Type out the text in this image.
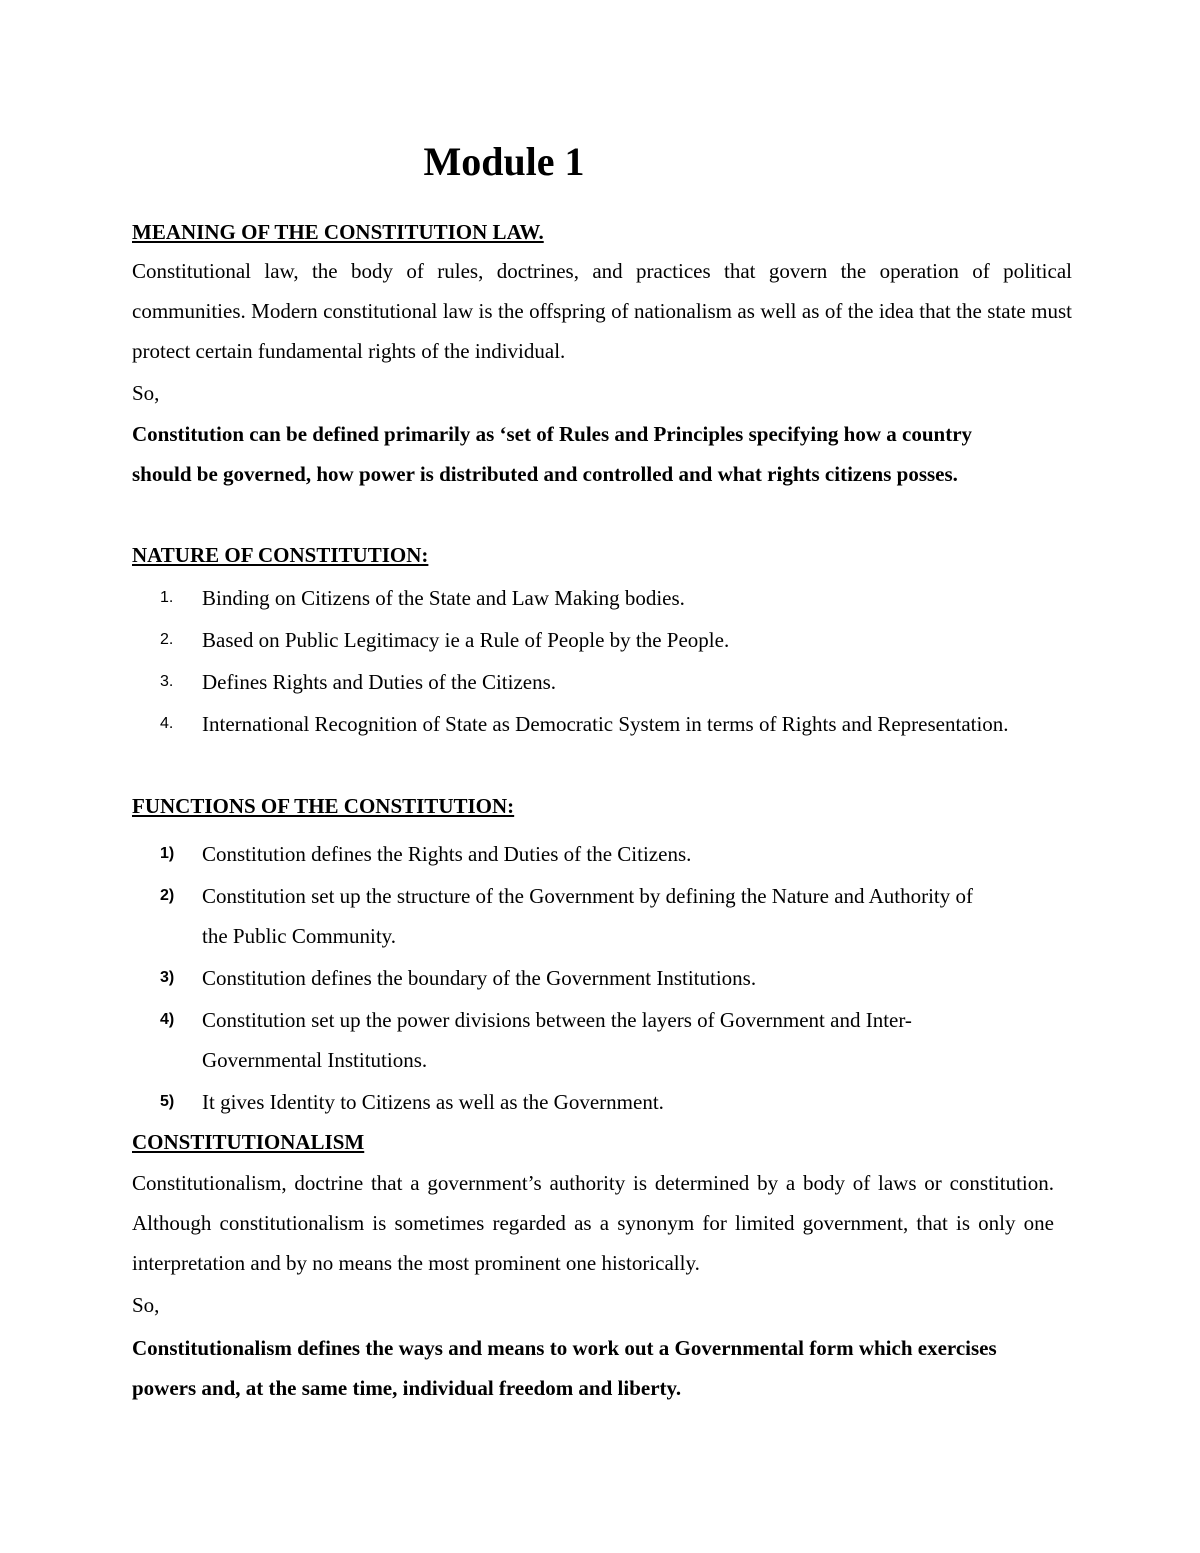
Module 1
MEANING OF THE CONSTITUTION LAW.
Constitutional law, the body of rules, doctrines, and practices that govern the operation of political communities. Modern constitutional law is the offspring of nationalism as well as of the idea that the state must protect certain fundamental rights of the individual.
So,
Constitution can be defined primarily as ‘set of Rules and Principles specifying how a country should be governed, how power is distributed and controlled and what rights citizens posses.
NATURE OF CONSTITUTION:
1. Binding on Citizens of the State and Law Making bodies.
2. Based on Public Legitimacy ie a Rule of People by the People.
3. Defines Rights and Duties of the Citizens.
4. International Recognition of State as Democratic System in terms of Rights and Representation.
FUNCTIONS OF THE CONSTITUTION:
1) Constitution defines the Rights and Duties of the Citizens.
2) Constitution set up the structure of the Government by defining the Nature and Authority of the Public Community.
3) Constitution defines the boundary of the Government Institutions.
4) Constitution set up the power divisions between the layers of Government and Inter-Governmental Institutions.
5) It gives Identity to Citizens as well as the Government.
CONSTITUTIONALISM
Constitutionalism, doctrine that a government’s authority is determined by a body of laws or constitution. Although constitutionalism is sometimes regarded as a synonym for limited government, that is only one interpretation and by no means the most prominent one historically.
So,
Constitutionalism defines the ways and means to work out a Governmental form which exercises powers and, at the same time, individual freedom and liberty.
